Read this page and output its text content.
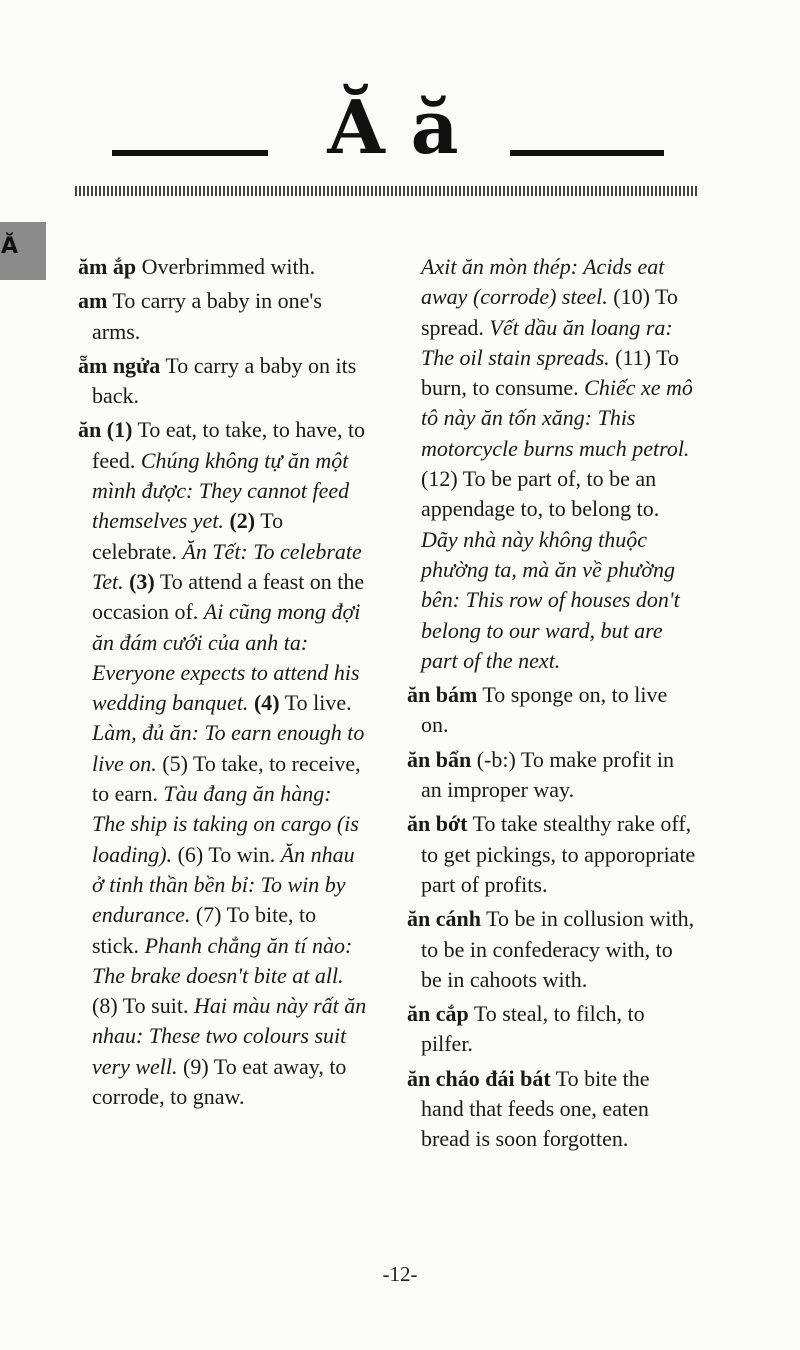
Ă ă
Ă

ăm ắp Overbrimmed with.

am To carry a baby in one's arms.

ẵm ngửa To carry a baby on its back.

ăn (1) To eat, to take, to have, to feed. Chúng không tự ăn một mình được: They cannot feed themselves yet. (2) To celebrate. Ăn Tết: To celebrate Tet. (3) To attend a feast on the occasion of. Ai cũng mong đợi ăn đám cưới của anh ta: Everyone expects to attend his wedding banquet. (4) To live. Làm, đủ ăn: To earn enough to live on. (5) To take, to receive, to earn. Tàu đang ăn hàng: The ship is taking on cargo (is loading). (6) To win. Ăn nhau ở tinh thần bền bỉ: To win by endurance. (7) To bite, to stick. Phanh chẳng ăn tí nào: The brake doesn't bite at all. (8) To suit. Hai màu này rất ăn nhau: These two colours suit very well. (9) To eat away, to corrode, to gnaw.

Axit ăn mòn thép: Acids eat away (corrode) steel. (10) To spread. Vết dầu ăn loang ra: The oil stain spreads. (11) To burn, to consume. Chiếc xe mô tô này ăn tốn xăng: This motorcycle burns much petrol. (12) To be part of, to be an appendage to, to belong to. Dãy nhà này không thuộc phường ta, mà ăn về phường bên: This row of houses don't belong to our ward, but are part of the next.

ăn bám To sponge on, to live on.

ăn bẩn (-b:) To make profit in an improper way.

ăn bớt To take stealthy rake off, to get pickings, to apporopriate part of profits.

ăn cánh To be in collusion with, to be in confederacy with, to be in cahoots with.

ăn cắp To steal, to filch, to pilfer.

ăn cháo đái bát To bite the hand that feeds one, eaten bread is soon forgotten.

-12-
